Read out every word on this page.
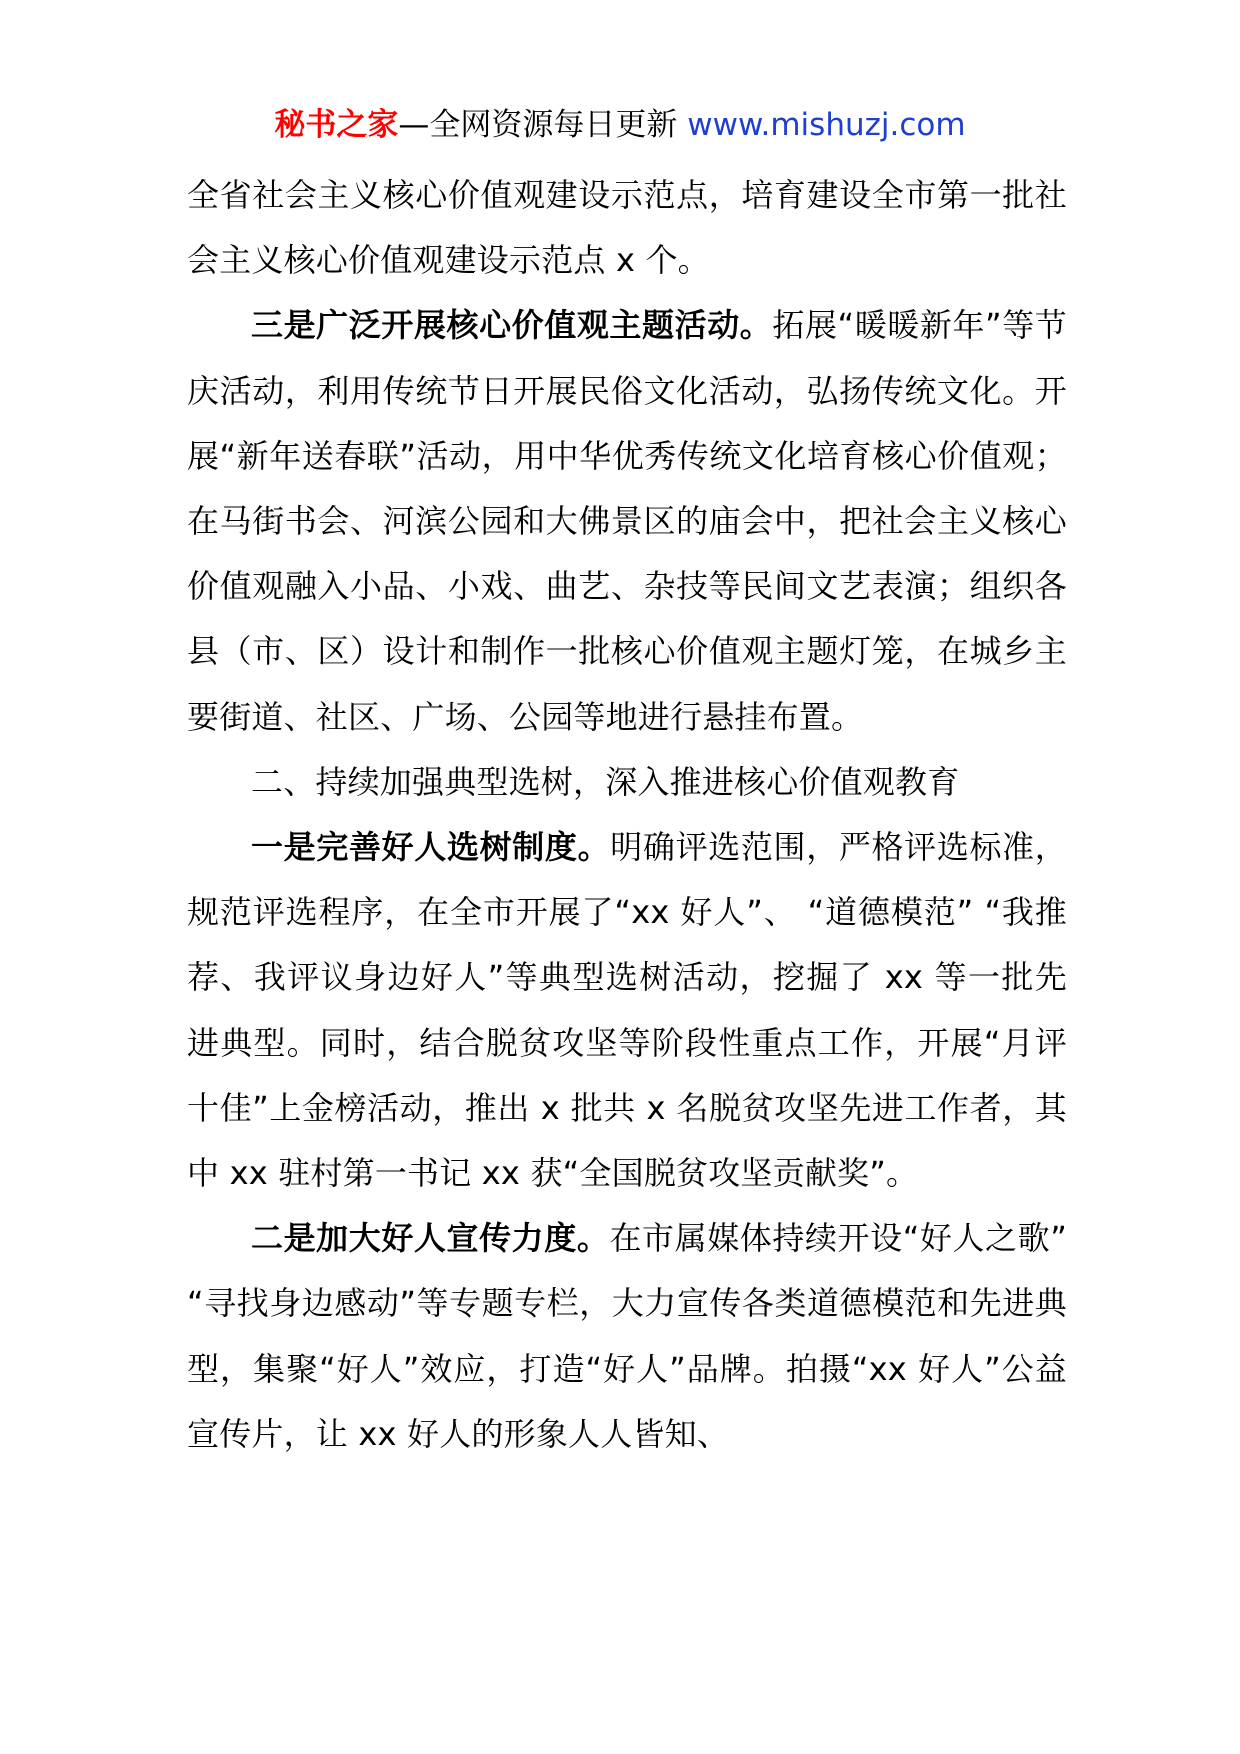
秘书之家—全网资源每日更新 www.mishuzj.com

全省社会主义核心价值观建设示范点，培育建设全市第一批社会主义核心价值观建设示范点 x 个。

三是广泛开展核心价值观主题活动。拓展“暖暖新年”等节庆活动，利用传统节日开展民俗文化活动，弘扬传统文化。开展“新年送春联”活动，用中华优秀传统文化培育核心价值观；在马街书会、河滨公园和大佛景区的庙会中，把社会主义核心价值观融入小品、小戏、曲艺、杂技等民间文艺表演；组织各县（市、区）设计和制作一批核心价值观主题灯笼，在城乡主要街道、社区、广场、公园等地进行悬挂布置。

二、持续加强典型选树，深入推进核心价值观教育

一是完善好人选树制度。明确评选范围，严格评选标准，规范评选程序，在全市开展了“xx 好人”、 “道德模范” “我推荐、我评议身边好人”等典型选树活动，挖掘了 xx 等一批先进典型。同时，结合脱贫攻坚等阶段性重点工作，开展“月评十佳”上金榜活动，推出 x 批共 x 名脱贫攻坚先进工作者，其中 xx 驻村第一书记 xx 获“全国脱贫攻坚贡献奖”。

二是加大好人宣传力度。在市属媒体持续开设“好人之歌” “寻找身边感动”等专题专栏，大力宣传各类道德模范和先进典型，集聚“好人”效应，打造“好人”品牌。拍摄“xx 好人”公益宣传片，让 xx 好人的形象人人皆知、
